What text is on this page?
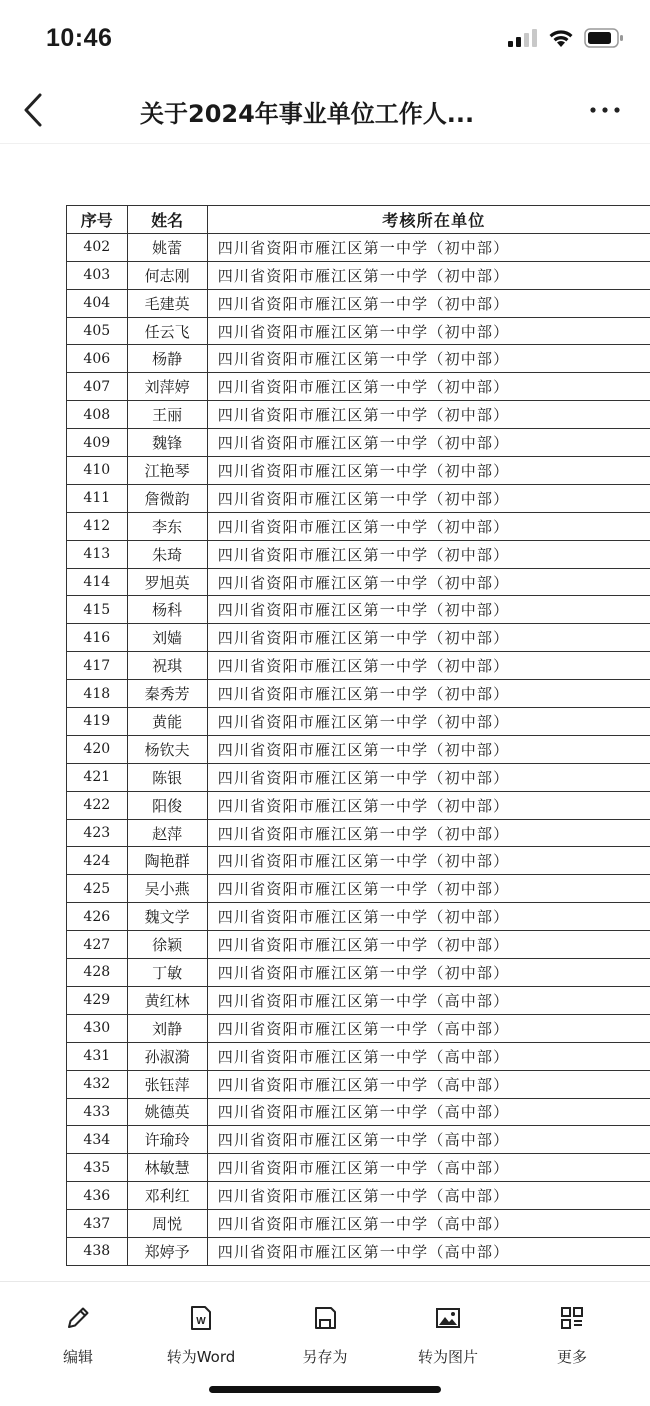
10:46
关于2024年事业单位工作人...
序号	姓名	考核所在单位
402	姚蕾	四川省资阳市雁江区第一中学（初中部）
403	何志刚	四川省资阳市雁江区第一中学（初中部）
404	毛建英	四川省资阳市雁江区第一中学（初中部）
405	任云飞	四川省资阳市雁江区第一中学（初中部）
406	杨静	四川省资阳市雁江区第一中学（初中部）
407	刘萍婷	四川省资阳市雁江区第一中学（初中部）
408	王丽	四川省资阳市雁江区第一中学（初中部）
409	魏锋	四川省资阳市雁江区第一中学（初中部）
410	江艳琴	四川省资阳市雁江区第一中学（初中部）
411	詹微韵	四川省资阳市雁江区第一中学（初中部）
412	李东	四川省资阳市雁江区第一中学（初中部）
413	朱琦	四川省资阳市雁江区第一中学（初中部）
414	罗旭英	四川省资阳市雁江区第一中学（初中部）
415	杨科	四川省资阳市雁江区第一中学（初中部）
416	刘嫱	四川省资阳市雁江区第一中学（初中部）
417	祝琪	四川省资阳市雁江区第一中学（初中部）
418	秦秀芳	四川省资阳市雁江区第一中学（初中部）
419	黄能	四川省资阳市雁江区第一中学（初中部）
420	杨钦夫	四川省资阳市雁江区第一中学（初中部）
421	陈银	四川省资阳市雁江区第一中学（初中部）
422	阳俊	四川省资阳市雁江区第一中学（初中部）
423	赵萍	四川省资阳市雁江区第一中学（初中部）
424	陶艳群	四川省资阳市雁江区第一中学（初中部）
425	吴小燕	四川省资阳市雁江区第一中学（初中部）
426	魏文学	四川省资阳市雁江区第一中学（初中部）
427	徐颖	四川省资阳市雁江区第一中学（初中部）
428	丁敏	四川省资阳市雁江区第一中学（初中部）
429	黄红林	四川省资阳市雁江区第一中学（高中部）
430	刘静	四川省资阳市雁江区第一中学（高中部）
431	孙淑漪	四川省资阳市雁江区第一中学（高中部）
432	张钰萍	四川省资阳市雁江区第一中学（高中部）
433	姚德英	四川省资阳市雁江区第一中学（高中部）
434	许瑜玲	四川省资阳市雁江区第一中学（高中部）
435	林敏慧	四川省资阳市雁江区第一中学（高中部）
436	邓利红	四川省资阳市雁江区第一中学（高中部）
437	周悦	四川省资阳市雁江区第一中学（高中部）
438	郑婷予	四川省资阳市雁江区第一中学（高中部）
编辑
W
转为Word	另存为	转为图片	更多
